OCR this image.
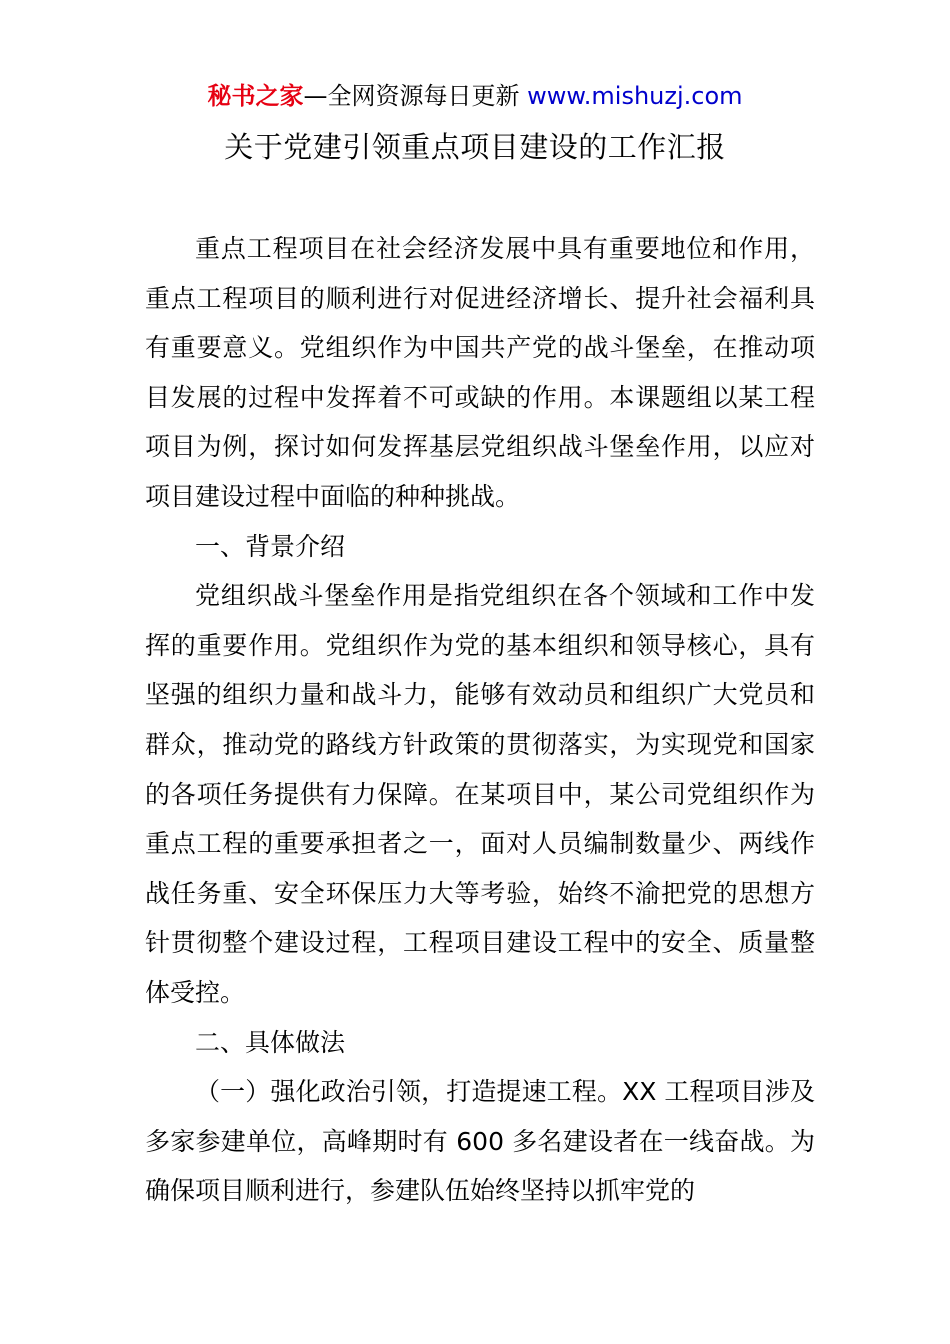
秘书之家—全网资源每日更新 www.mishuzj.com
关于党建引领重点项目建设的工作汇报

重点工程项目在社会经济发展中具有重要地位和作用，重点工程项目的顺利进行对促进经济增长、提升社会福利具有重要意义。党组织作为中国共产党的战斗堡垒，在推动项目发展的过程中发挥着不可或缺的作用。本课题组以某工程项目为例，探讨如何发挥基层党组织战斗堡垒作用，以应对项目建设过程中面临的种种挑战。

一、背景介绍

党组织战斗堡垒作用是指党组织在各个领域和工作中发挥的重要作用。党组织作为党的基本组织和领导核心，具有坚强的组织力量和战斗力，能够有效动员和组织广大党员和群众，推动党的路线方针政策的贯彻落实，为实现党和国家的各项任务提供有力保障。在某项目中，某公司党组织作为重点工程的重要承担者之一，面对人员编制数量少、两线作战任务重、安全环保压力大等考验，始终不渝把党的思想方针贯彻整个建设过程，工程项目建设工程中的安全、质量整体受控。

二、具体做法

（一）强化政治引领，打造提速工程。XX 工程项目涉及多家参建单位，高峰期时有 600 多名建设者在一线奋战。为确保项目顺利进行，参建队伍始终坚持以抓牢党的
